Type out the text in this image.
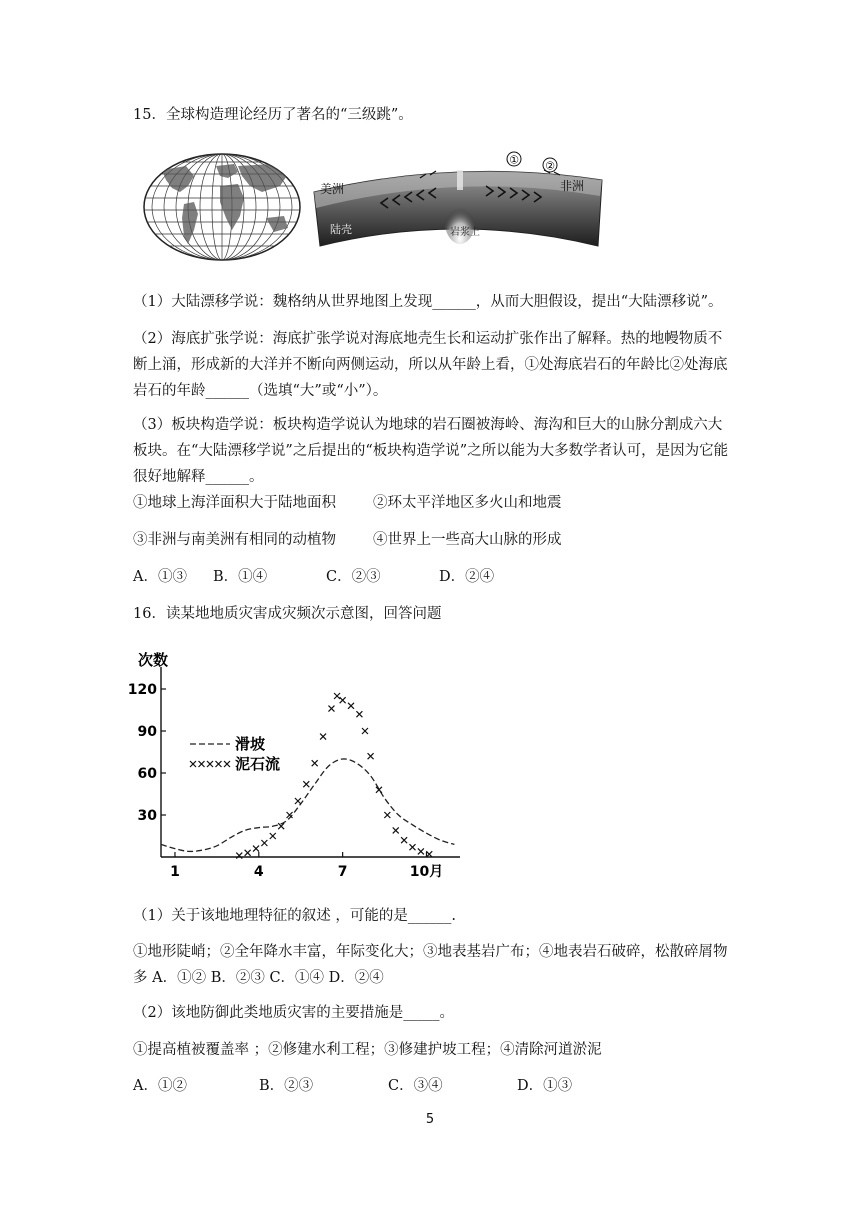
15．全球构造理论经历了著名的“三级跳”。
① ②
美洲	非洲
陆壳	岩浆上
（1）大陆漂移学说：魏格纳从世界地图上发现______，从而大胆假设，提出“大陆漂移说”。
（2）海底扩张学说：海底扩张学说对海底地壳生长和运动扩张作出了解释。热的地幔物质不断上涌，形成新的大洋并不断向两侧运动，所以从年龄上看，①处海底岩石的年龄比②处海底岩石的年龄______（选填“大”或“小”）。
（3）板块构造学说：板块构造学说认为地球的岩石圈被海岭、海沟和巨大的山脉分割成六大板块。在“大陆漂移学说”之后提出的“板块构造学说”之所以能为大多数学者认可，是因为它能很好地解释______。
①地球上海洋面积大于陆地面积	②环太平洋地区多火山和地震
③非洲与南美洲有相同的动植物	④世界上一些高大山脉的形成
A．①③ B．①④	C．②③	D．②④
16．读某地地质灾害成灾频次示意图，回答问题
次数
30
60
90
120
1	4	7	10月
滑坡
泥石流
（1）关于该地地理特征的叙述 ，可能的是______.
①地形陡峭；②全年降水丰富，年际变化大；③地表基岩广布；④地表岩石破碎，松散碎屑物多 A．①② B．②③ C．①④ D．②④
（2）该地防御此类地质灾害的主要措施是_____。
①提高植被覆盖率 ；②修建水利工程；③修建护坡工程；④清除河道淤泥
A．①②	B．②③	C．③④	D．①③
5
